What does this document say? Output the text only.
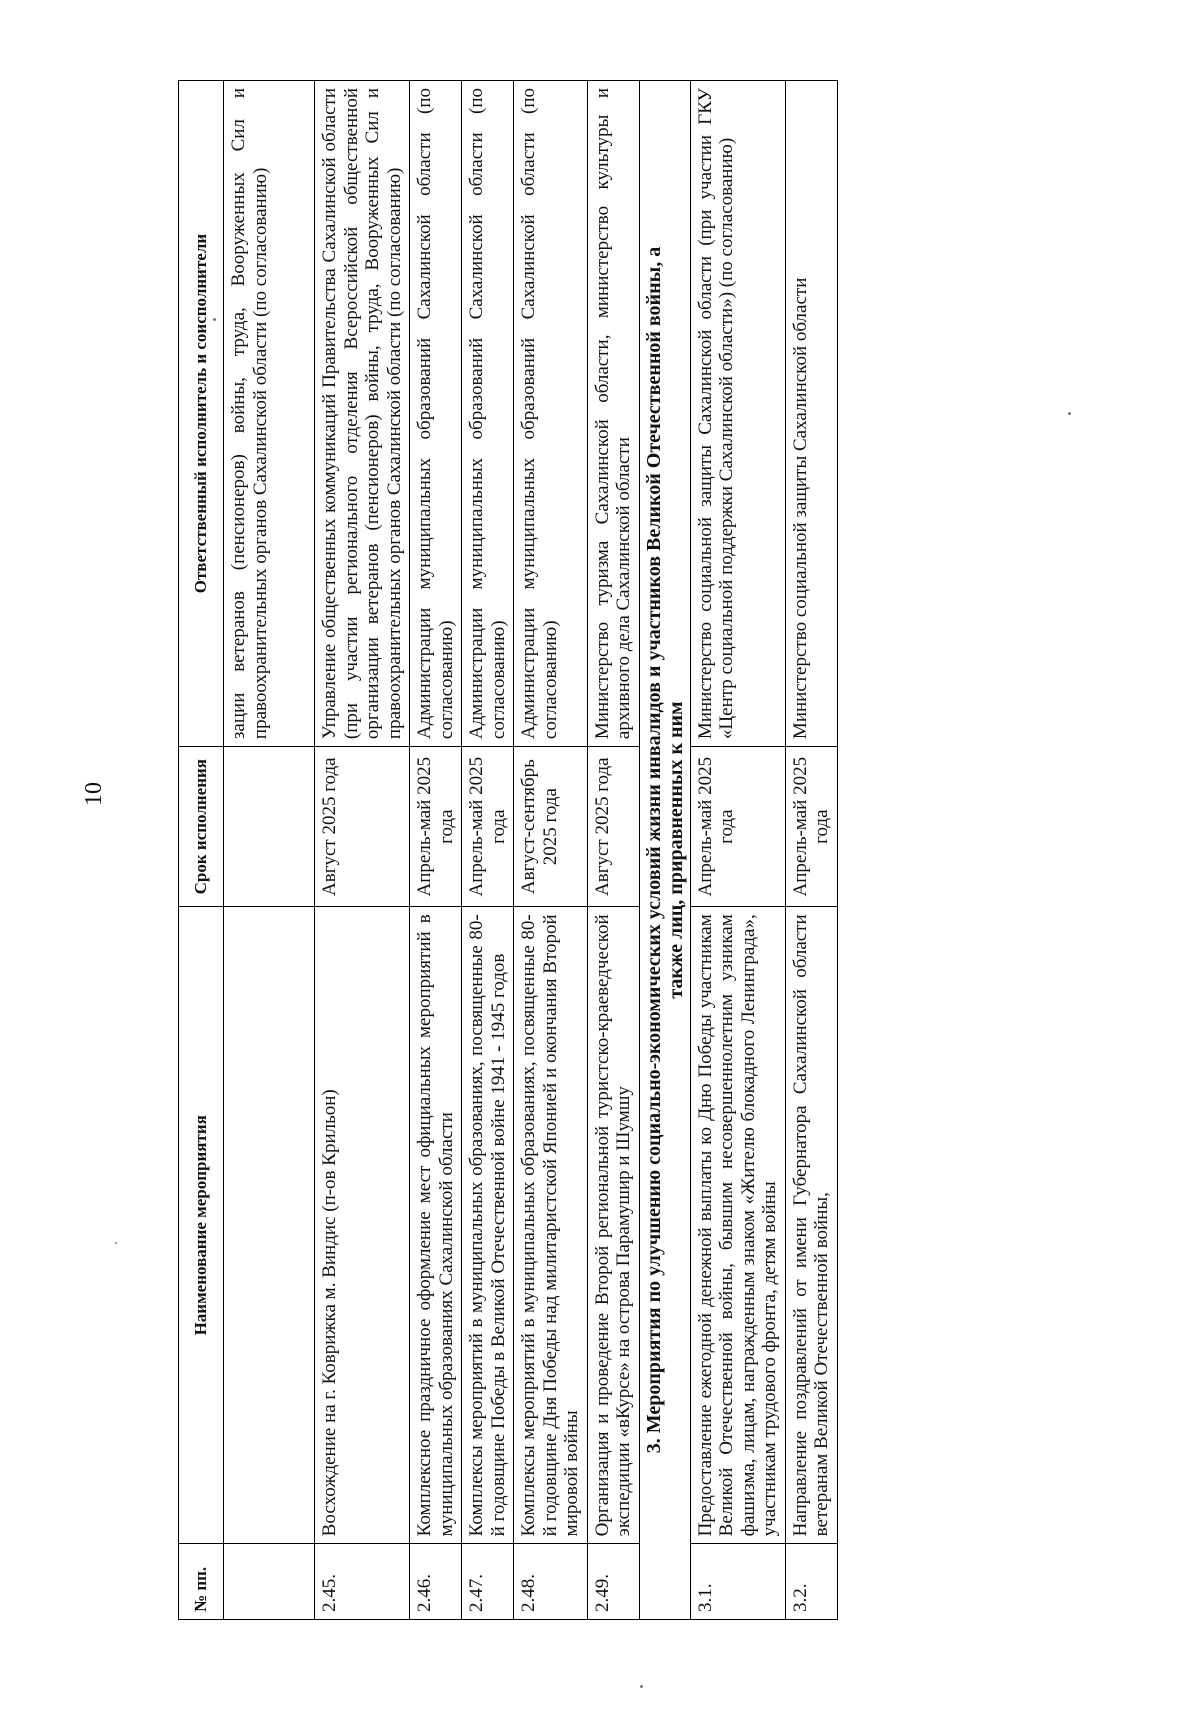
10
№ пп.	Наименование мероприятия	Срок исполнения	Ответственный исполнитель и соисполнители
			зации ветеранов (пенсионеров) войны, труда, Вооруженных Сил и правоохранительных органов Сахалинской области (по согласованию)
2.45.	Восхождение на г. Коврижка м. Виндис (п-ов Крильон)	Август 2025 года	Управление общественных коммуникаций Правительства Сахалинской области (при участии регионального отделения Всероссийской общественной организации ветеранов (пенсионеров) войны, труда, Вооруженных Сил и правоохранительных органов Сахалинской области (по согласованию)
2.46.	Комплексное праздничное оформление мест официальных мероприятий в муниципальных образованиях Сахалинской области	Апрель-май 2025 года	Администрации муниципальных образований Сахалинской области (по согласованию)
2.47.	Комплексы мероприятий в муниципальных образованиях, посвященные 80-й годовщине Победы в Великой Отечественной войне 1941 - 1945 годов	Апрель-май 2025 года	Администрации муниципальных образований Сахалинской области (по согласованию)
2.48.	Комплексы мероприятий в муниципальных образованиях, посвященные 80-й годовщине Дня Победы над милитаристской Японией и окончания Второй мировой войны	Август-сентябрь 2025 года	Администрации муниципальных образований Сахалинской области (по согласованию)
2.49.	Организация и проведение Второй региональной туристско-краеведческой экспедиции «вКурсе» на острова Парамушир и Шумшу	Август 2025 года	Министерство туризма Сахалинской области, министерство культуры и архивного дела Сахалинской области

3. Мероприятия по улучшению социально-экономических условий жизни инвалидов и участников Великой Отечественной войны, а также лиц, приравненных к ним			

3.1.	Предоставление ежегодной денежной выплаты ко Дню Победы участникам Великой Отечественной войны, бывшим несовершеннолетним узникам фашизма, лицам, награжденным знаком «Жителю блокадного Ленинграда», участникам трудового фронта, детям войны	Апрель-май 2025 года	Министерство социальной защиты Сахалинской области (при участии ГКУ «Центр социальной поддержки Сахалинской области») (по согласованию)
3.2.	Направление поздравлений от имени Губернатора Сахалинской области ветеранам Великой Отечественной войны,	Апрель-май 2025 года	Министерство социальной защиты Сахалинской области
